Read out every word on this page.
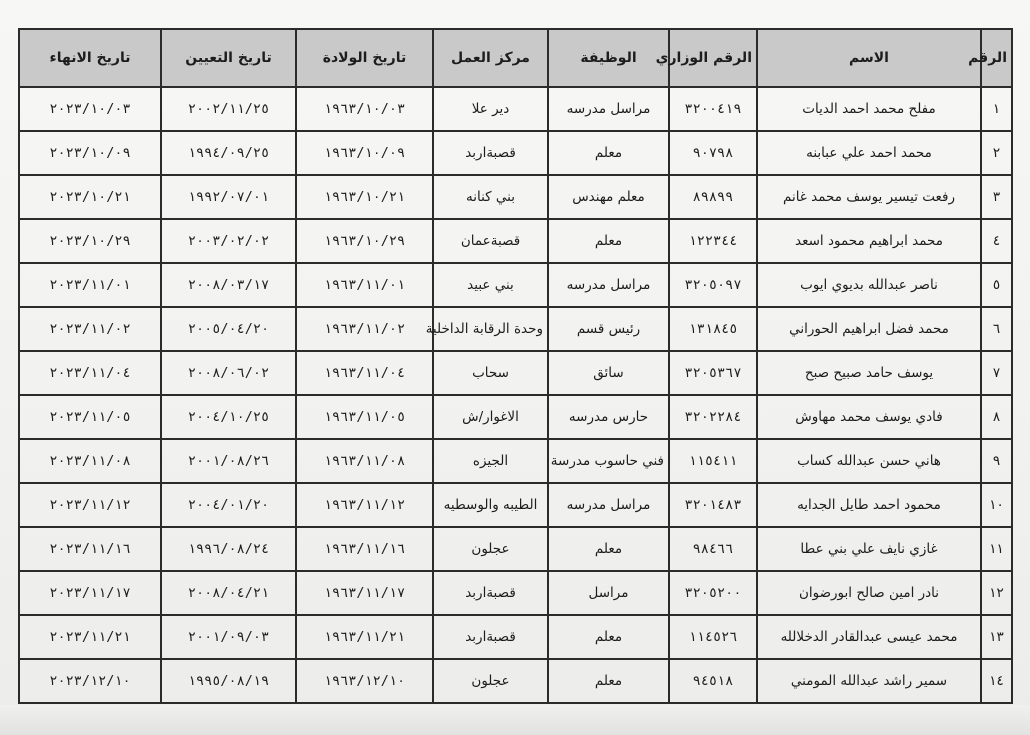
الرقم	الاسم	الرقم الوزاري	الوظيفة	مركز العمل	تاريخ الولادة	تاريخ التعيين	تاريخ الانهاء
١	مفلح محمد احمد الديات	٣٢٠٠٤١٩	مراسل مدرسه	دير علا	١٩٦٣/١٠/٠٣	٢٠٠٢/١١/٢٥	٢٠٢٣/١٠/٠٣
٢	محمد احمد علي عبابنه	٩٠٧٩٨	معلم	قصبةاربد	١٩٦٣/١٠/٠٩	١٩٩٤/٠٩/٢٥	٢٠٢٣/١٠/٠٩
٣	رفعت تيسير يوسف محمد غانم	٨٩٨٩٩	معلم مهندس	بني كنانه	١٩٦٣/١٠/٢١	١٩٩٢/٠٧/٠١	٢٠٢٣/١٠/٢١
٤	محمد ابراهيم محمود اسعد	١٢٢٣٤٤	معلم	قصبةعمان	١٩٦٣/١٠/٢٩	٢٠٠٣/٠٢/٠٢	٢٠٢٣/١٠/٢٩
٥	ناصر عبدالله بديوي ايوب	٣٢٠٥٠٩٧	مراسل مدرسه	بني عبيد	١٩٦٣/١١/٠١	٢٠٠٨/٠٣/١٧	٢٠٢٣/١١/٠١
٦	محمد فضل ابراهيم الحوراني	١٣١٨٤٥	رئيس قسم	وحدة الرقابة الداخلية	١٩٦٣/١١/٠٢	٢٠٠٥/٠٤/٢٠	٢٠٢٣/١١/٠٢
٧	يوسف حامد صبيح صبح	٣٢٠٥٣٦٧	سائق	سحاب	١٩٦٣/١١/٠٤	٢٠٠٨/٠٦/٠٢	٢٠٢٣/١١/٠٤
٨	فادي يوسف محمد مهاوش	٣٢٠٢٢٨٤	حارس مدرسه	الاغوار/ش	١٩٦٣/١١/٠٥	٢٠٠٤/١٠/٢٥	٢٠٢٣/١١/٠٥
٩	هاني حسن عبدالله كساب	١١٥٤١١	فني حاسوب مدرسة	الجيزه	١٩٦٣/١١/٠٨	٢٠٠١/٠٨/٢٦	٢٠٢٣/١١/٠٨
١٠	محمود احمد طايل الجدايه	٣٢٠١٤٨٣	مراسل مدرسه	الطيبه والوسطيه	١٩٦٣/١١/١٢	٢٠٠٤/٠١/٢٠	٢٠٢٣/١١/١٢
١١	غازي نايف علي بني عطا	٩٨٤٦٦	معلم	عجلون	١٩٦٣/١١/١٦	١٩٩٦/٠٨/٢٤	٢٠٢٣/١١/١٦
١٢	نادر امين صالح ابورضوان	٣٢٠٥٢٠٠	مراسل	قصبةاربد	١٩٦٣/١١/١٧	٢٠٠٨/٠٤/٢١	٢٠٢٣/١١/١٧
١٣	محمد عيسى عبدالقادر الدخلالله	١١٤٥٢٦	معلم	قصبةاربد	١٩٦٣/١١/٢١	٢٠٠١/٠٩/٠٣	٢٠٢٣/١١/٢١
١٤	سمير راشد عبدالله المومني	٩٤٥١٨	معلم	عجلون	١٩٦٣/١٢/١٠	١٩٩٥/٠٨/١٩	٢٠٢٣/١٢/١٠
